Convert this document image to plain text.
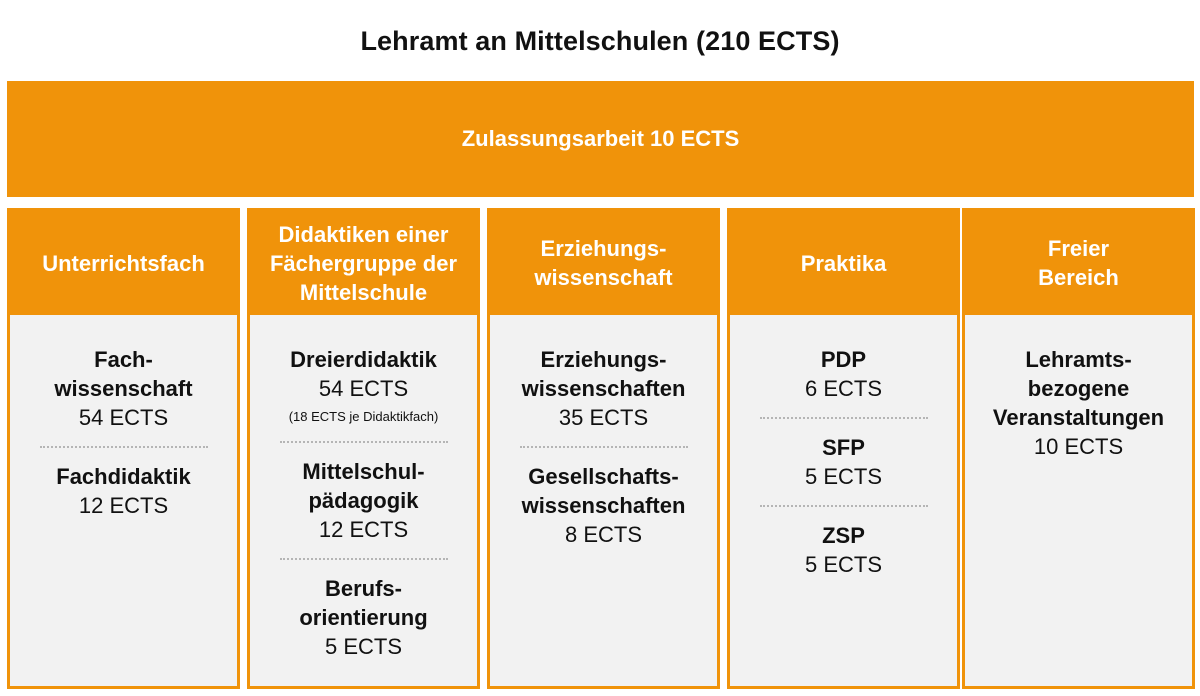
Lehramt an Mittelschulen (210 ECTS)
Zulassungsarbeit 10 ECTS
Unterrichtsfach
Fach-
wissenschaft
54 ECTS
Fachdidaktik
12 ECTS
Didaktiken einer
Fächergruppe der
Mittelschule
Dreierdidaktik
54 ECTS
(18 ECTS je Didaktikfach)
Mittelschul-
pädagogik
12 ECTS
Berufs-
orientierung
5 ECTS
Erziehungs-
wissenschaft
Erziehungs-
wissenschaften
35 ECTS
Gesellschafts-
wissenschaften
8 ECTS
Praktika
PDP
6 ECTS
SFP
5 ECTS
ZSP
5 ECTS
Freier
Bereich
Lehramts-
bezogene
Veranstaltungen
10 ECTS
